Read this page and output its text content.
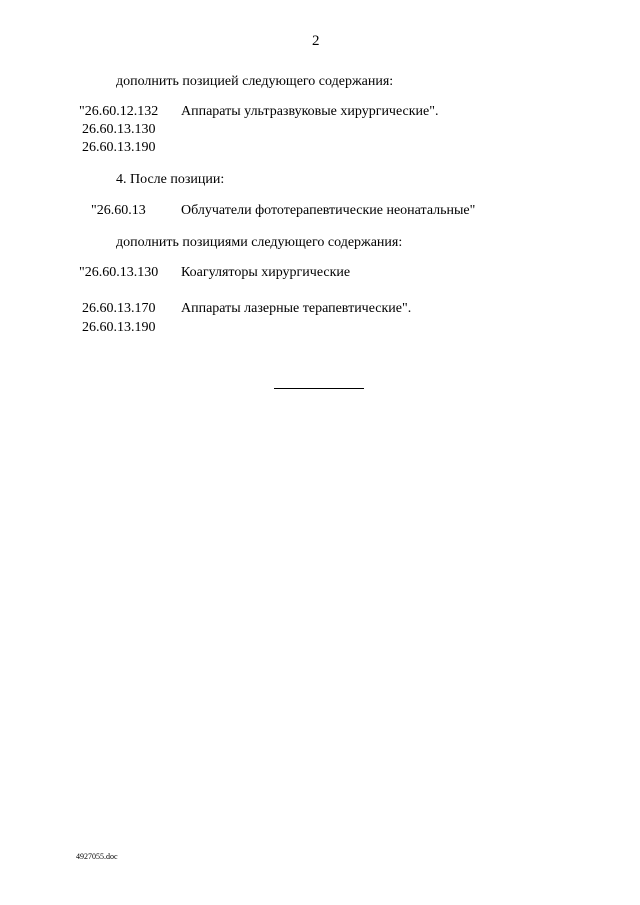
2
дополнить позицией следующего содержания:
"26.60.12.132 Аппараты ультразвуковые хирургические".
26.60.13.130
26.60.13.190
4. После позиции:
"26.60.13	Облучатели фототерапевтические неонатальные"
дополнить позициями следующего содержания:
"26.60.13.130 Коагуляторы хирургические
26.60.13.170 Аппараты лазерные терапевтические".
26.60.13.190
4927055.doc
